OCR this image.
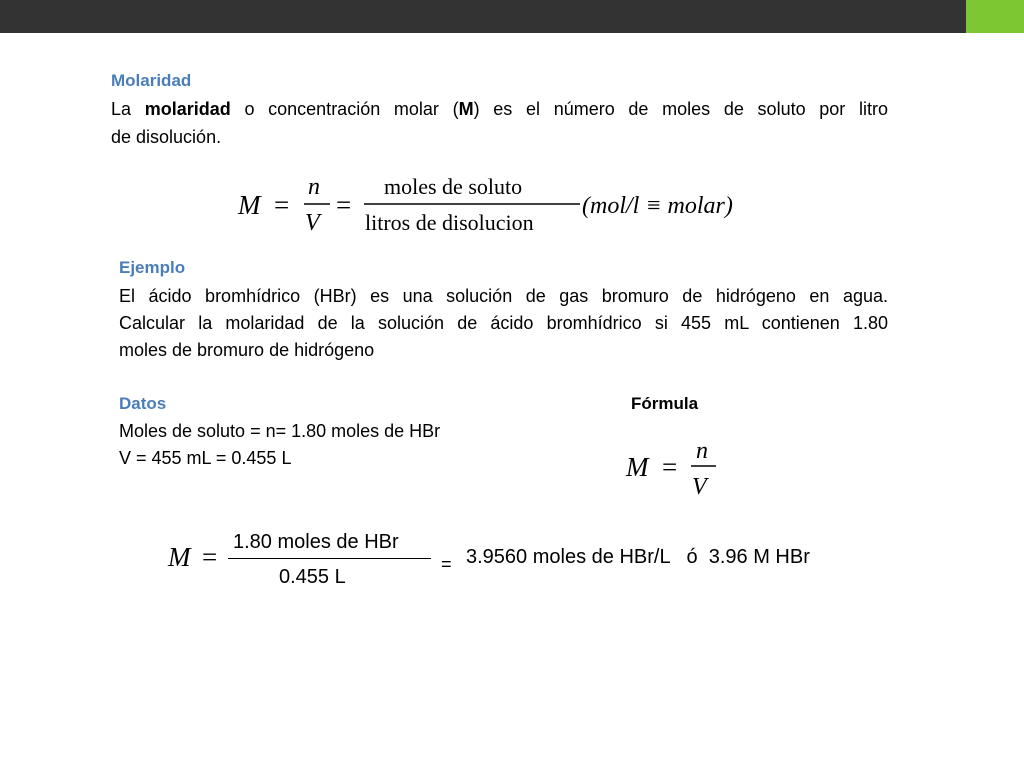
Molaridad
La molaridad o concentración molar (M) es el número de moles de soluto por litro
de disolución.
M =
n
V
=
moles de soluto
litros de disolucion
(mol/l ≡ molar)
Ejemplo
El ácido bromhídrico (HBr) es una solución de gas bromuro de hidrógeno en agua.
Calcular la molaridad de la solución de ácido bromhídrico si 455 mL contienen 1.80
moles de bromuro de hidrógeno
Datos
Moles de soluto = n= 1.80 moles de HBr
V = 455 mL = 0.455 L
Fórmula
M =
n
V
M = 1.80 moles de HBr
0.455 L
= 3.9560 moles de HBr/L   ó  3.96 M HBr
